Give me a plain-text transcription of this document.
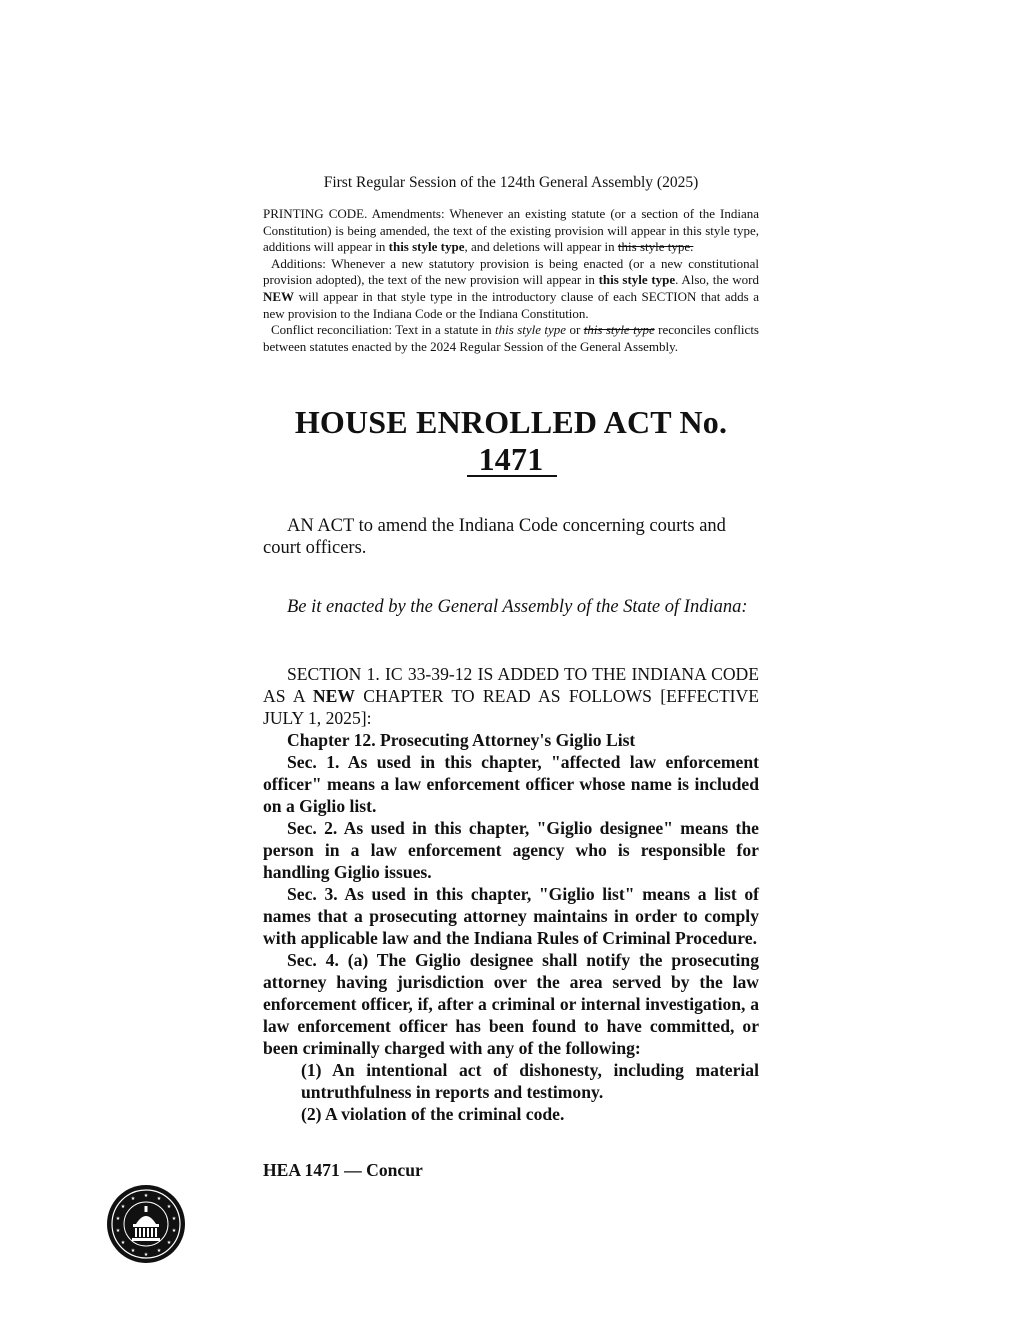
First Regular Session of the 124th General Assembly (2025)

PRINTING CODE. Amendments: Whenever an existing statute (or a section of the Indiana Constitution) is being amended, the text of the existing provision will appear in this style type, additions will appear in this style type, and deletions will appear in this style type.

Additions: Whenever a new statutory provision is being enacted (or a new constitutional provision adopted), the text of the new provision will appear in this style type. Also, the word NEW will appear in that style type in the introductory clause of each SECTION that adds a new provision to the Indiana Code or the Indiana Constitution.

Conflict reconciliation: Text in a statute in this style type or this style type reconciles conflicts between statutes enacted by the 2024 Regular Session of the General Assembly.

HOUSE ENROLLED ACT No. 1471
AN ACT to amend the Indiana Code concerning courts and court officers.
Be it enacted by the General Assembly of the State of Indiana:

SECTION 1. IC 33-39-12 IS ADDED TO THE INDIANA CODE AS A NEW CHAPTER TO READ AS FOLLOWS [EFFECTIVE JULY 1, 2025]:

Chapter 12. Prosecuting Attorney's Giglio List

Sec. 1. As used in this chapter, "affected law enforcement officer" means a law enforcement officer whose name is included on a Giglio list.

Sec. 2. As used in this chapter, "Giglio designee" means the person in a law enforcement agency who is responsible for handling Giglio issues.

Sec. 3. As used in this chapter, "Giglio list" means a list of names that a prosecuting attorney maintains in order to comply with applicable law and the Indiana Rules of Criminal Procedure.

Sec. 4. (a) The Giglio designee shall notify the prosecuting attorney having jurisdiction over the area served by the law enforcement officer, if, after a criminal or internal investigation, a law enforcement officer has been found to have committed, or been criminally charged with any of the following:

(1) An intentional act of dishonesty, including material untruthfulness in reports and testimony.

(2) A violation of the criminal code.

HEA 1471 — Concur
★ ★
★
★
★
★
★
★
★
★
★
★
★
★
